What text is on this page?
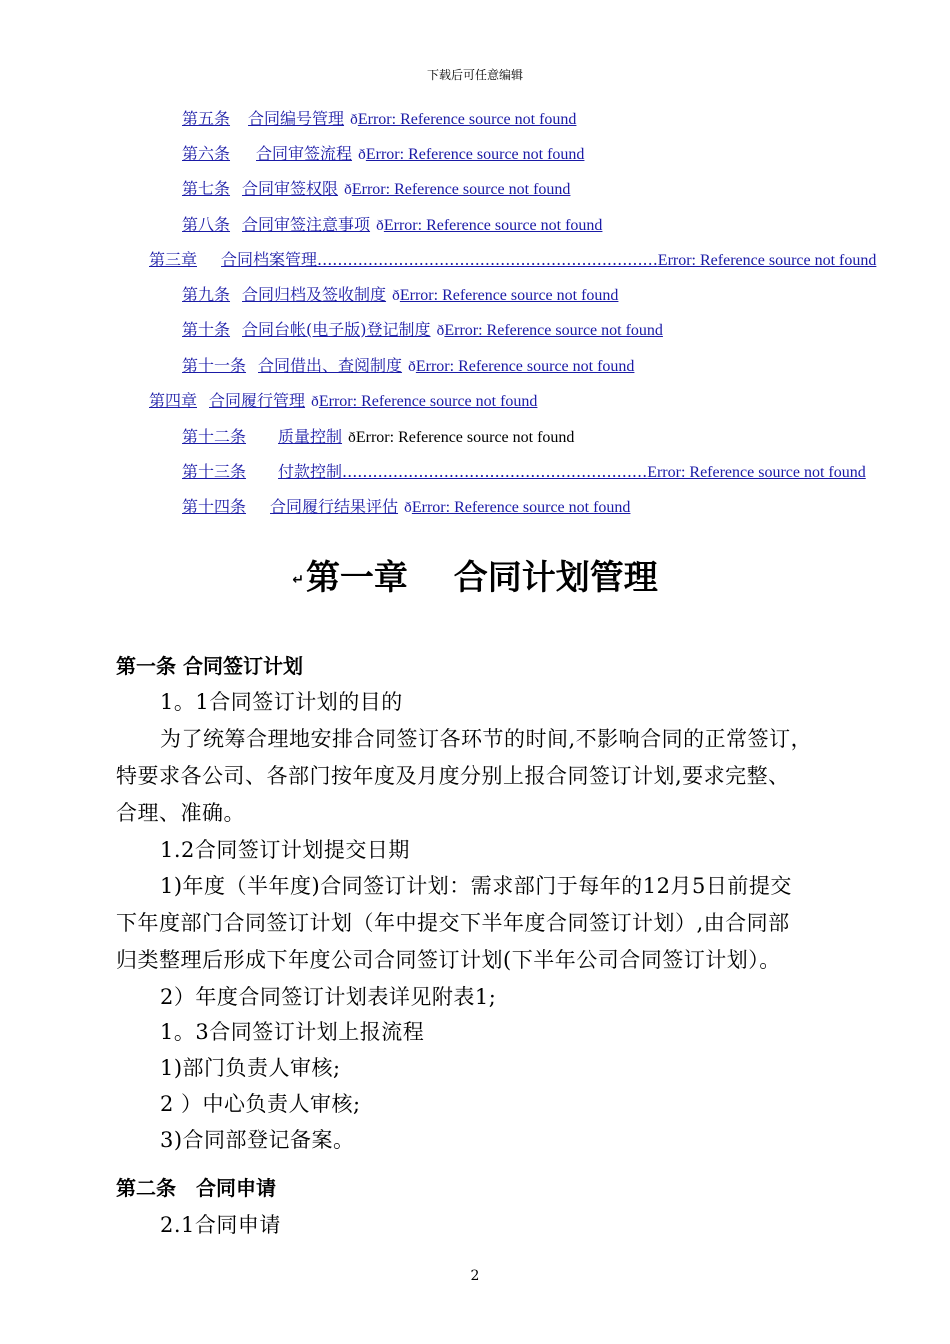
下载后可任意编辑
第五条 合同编号管理 ðError: Reference source not found
第六条 合同审签流程 ðError: Reference source not found
第七条 合同审签权限 ðError: Reference source not found
第八条 合同审签注意事项 ðError: Reference source not found
第三章 合同档案管理...................................................................Error: Reference source not found
第九条 合同归档及签收制度 ðError: Reference source not found
第十条 合同台帐(电子版)登记制度 ðError: Reference source not found
第十一条 合同借出、查阅制度 ðError: Reference source not found
第四章 合同履行管理 ðError: Reference source not found
第十二条 质量控制 ðError: Reference source not found
第十三条 付款控制............................................................Error: Reference source not found
第十四条 合同履行结果评估 ðError: Reference source not found
↵第一章　 合同计划管理
第一条 合同签订计划
1。1合同签订计划的目的
为了统筹合理地安排合同签订各环节的时间,不影响合同的正常签订，
特要求各公司、各部门按年度及月度分别上报合同签订计划,要求完整、
合理、准确。
1.2合同签订计划提交日期
1)年度（半年度)合同签订计划：需求部门于每年的12月5日前提交
下年度部门合同签订计划（年中提交下半年度合同签订计划）,由合同部
归类整理后形成下年度公司合同签订计划(下半年公司合同签订计划）。
2）年度合同签订计划表详见附表1;
1。3合同签订计划上报流程
1)部门负责人审核;
2 ）中心负责人审核;
3)合同部登记备案。
第二条　合同申请
2.1合同申请
2
